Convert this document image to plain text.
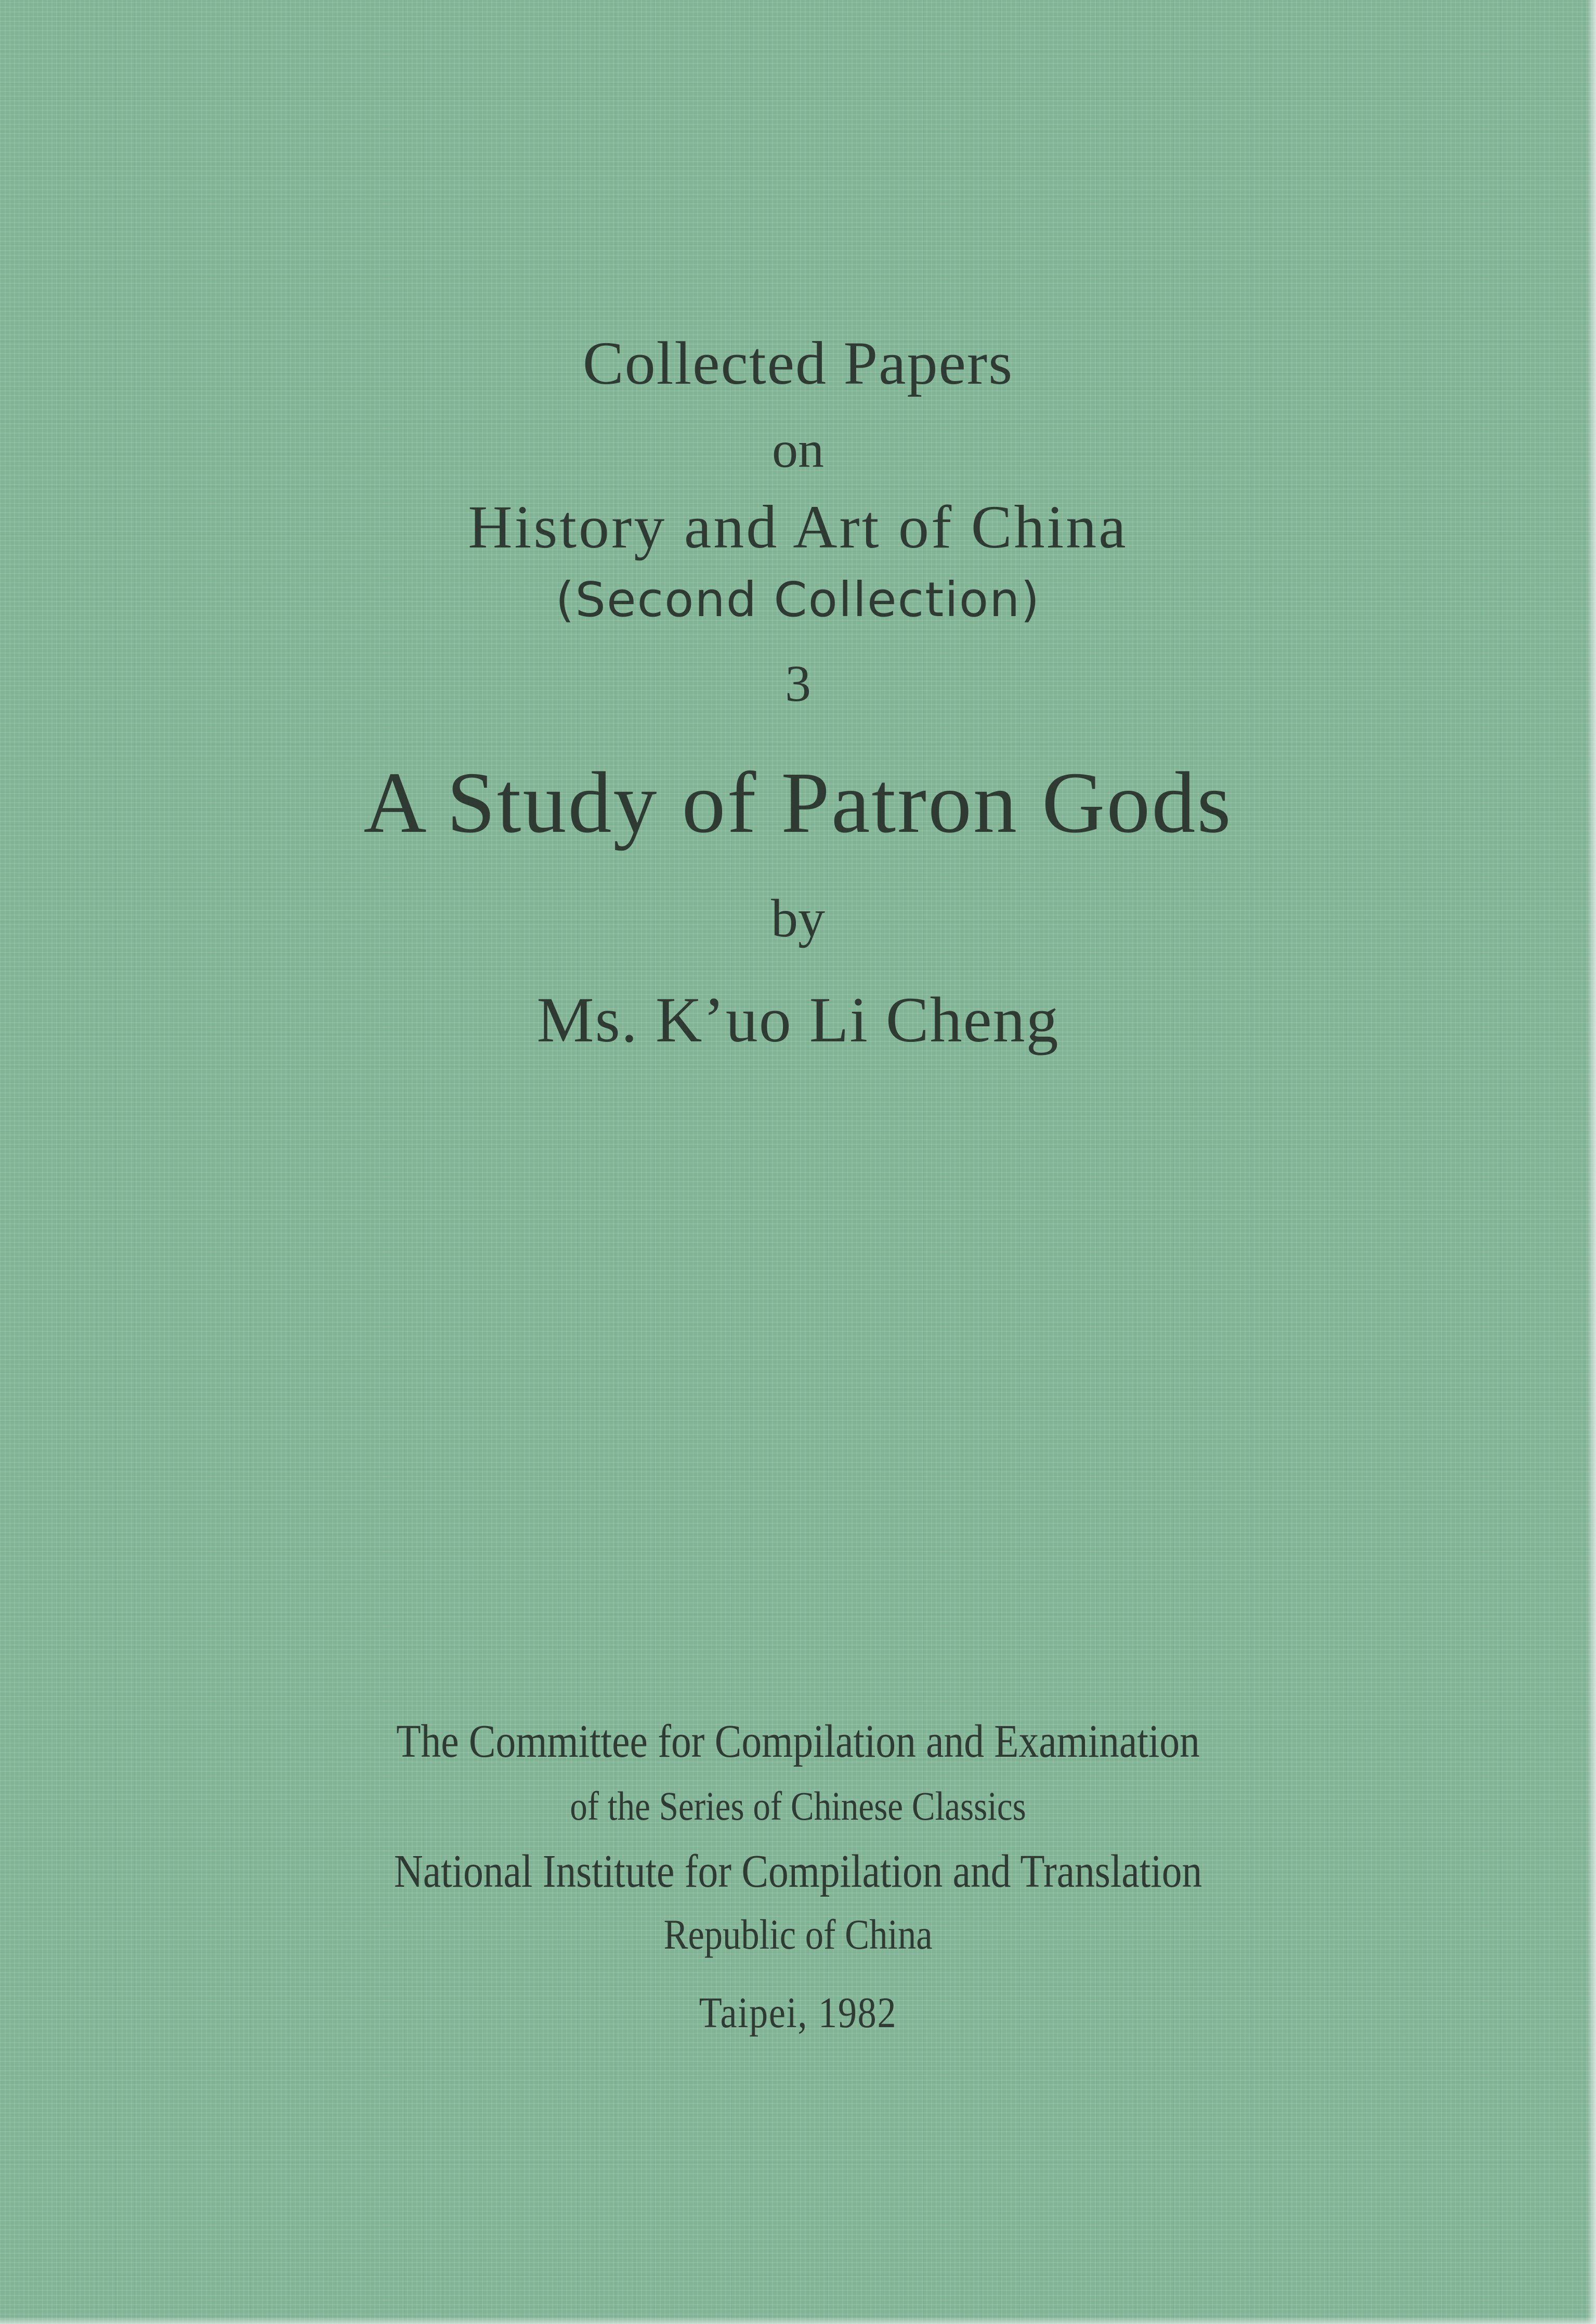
Collected Papers
on
History and Art of China
(Second Collection)
3
A Study of Patron Gods
by
Ms. K’uo Li Cheng
The Committee for Compilation and Examination
of the Series of Chinese Classics
National Institute for Compilation and Translation
Republic of China
Taipei, 1982
